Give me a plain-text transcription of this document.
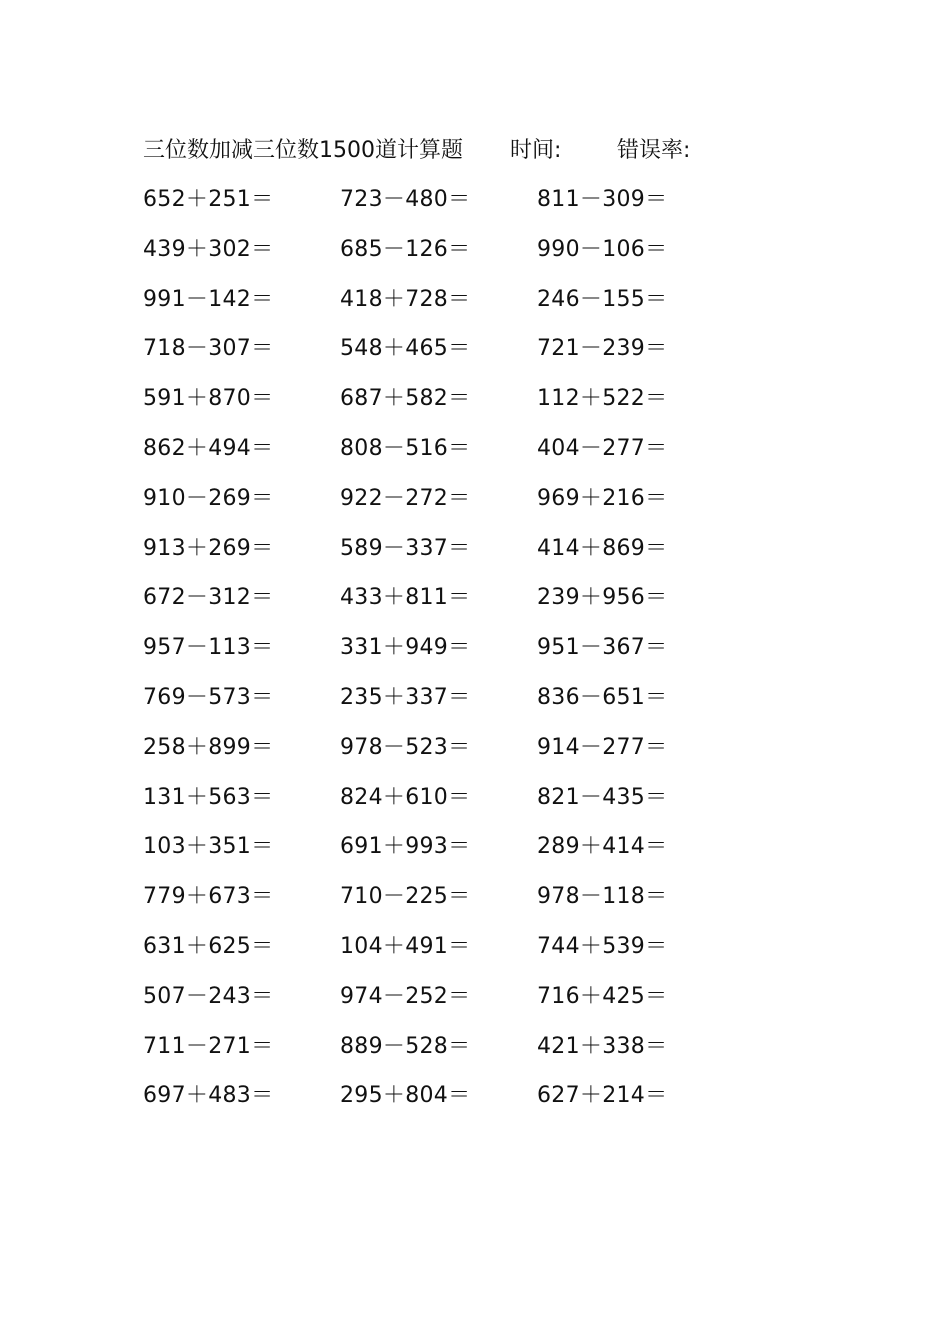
三位数加减三位数1500道计算题 时间:	错误率:
652＋251＝	723－480＝	811－309＝
439＋302＝	685－126＝	990－106＝
991－142＝	418＋728＝	246－155＝
718－307＝	548＋465＝	721－239＝
591＋870＝	687＋582＝	112＋522＝
862＋494＝	808－516＝	404－277＝
910－269＝	922－272＝	969＋216＝
913＋269＝	589－337＝	414＋869＝
672－312＝	433＋811＝	239＋956＝
957－113＝	331＋949＝	951－367＝
769－573＝	235＋337＝	836－651＝
258＋899＝	978－523＝	914－277＝
131＋563＝	824＋610＝	821－435＝
103＋351＝	691＋993＝	289＋414＝
779＋673＝	710－225＝	978－118＝
631＋625＝	104＋491＝	744＋539＝
507－243＝	974－252＝	716＋425＝
711－271＝	889－528＝	421＋338＝
697＋483＝	295＋804＝	627＋214＝
